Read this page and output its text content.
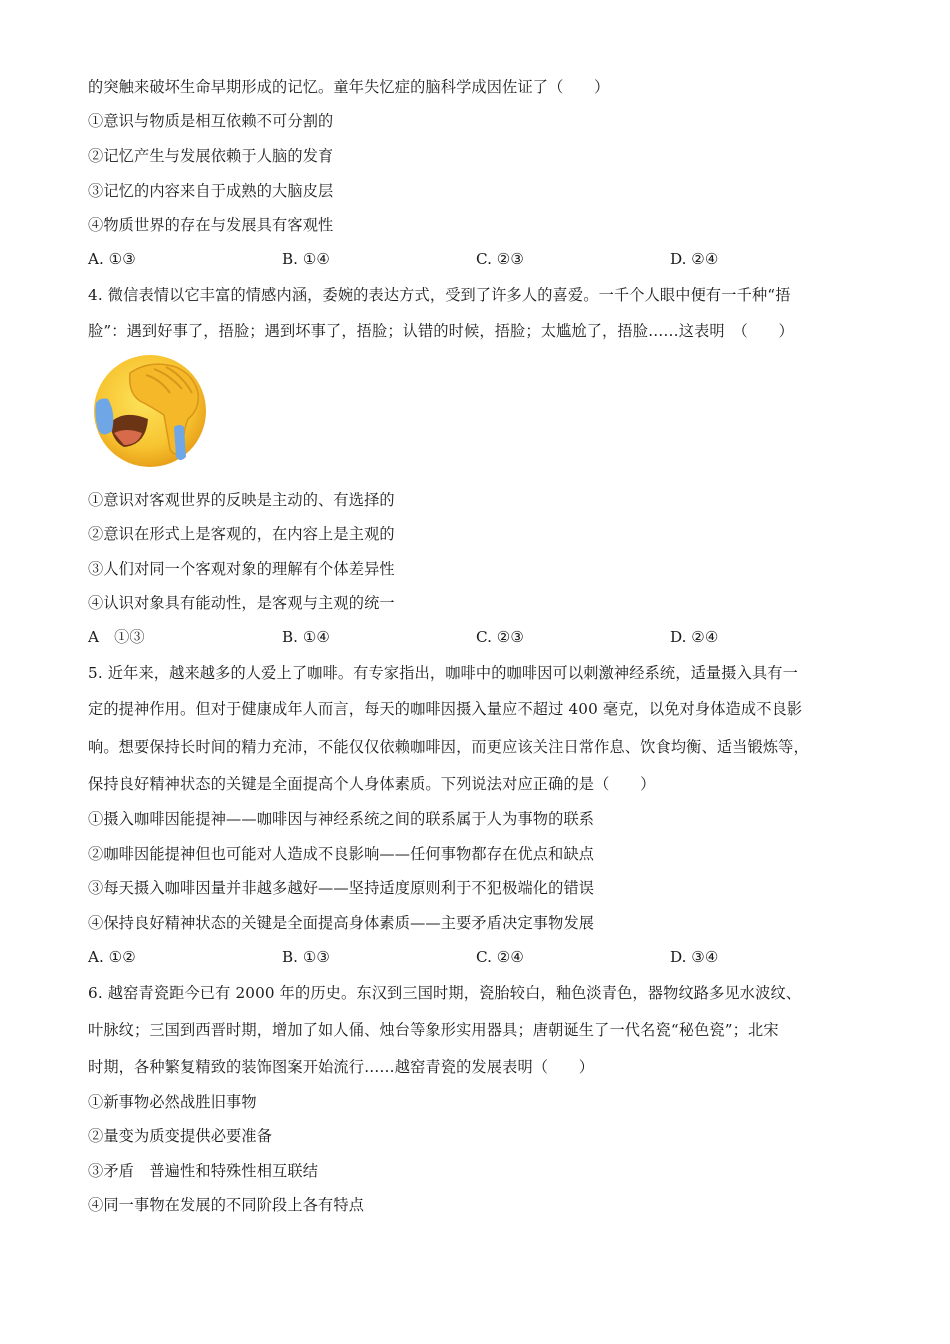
的突触来破坏生命早期形成的记忆。童年失忆症的脑科学成因佐证了（　　）
①意识与物质是相互依赖不可分割的
②记忆产生与发展依赖于人脑的发育
③记忆的内容来自于成熟的大脑皮层
④物质世界的存在与发展具有客观性
A. ①③	B. ①④	C. ②③	D. ②④
4. 微信表情以它丰富的情感内涵，委婉的表达方式，受到了许多人的喜爱。一千个人眼中便有一千种“捂
脸”：遇到好事了，捂脸；遇到坏事了，捂脸；认错的时候，捂脸；太尴尬了，捂脸……这表明　（　　）
①意识对客观世界的反映是主动的、有选择的
②意识在形式上是客观的，在内容上是主观的
③人们对同一个客观对象的理解有个体差异性
④认识对象具有能动性，是客观与主观的统一
A　①③	B. ①④	C. ②③	D. ②④
5. 近年来，越来越多的人爱上了咖啡。有专家指出，咖啡中的咖啡因可以刺激神经系统，适量摄入具有一
定的提神作用。但对于健康成年人而言，每天的咖啡因摄入量应不超过 400 毫克，以免对身体造成不良影
响。想要保持长时间的精力充沛，不能仅仅依赖咖啡因，而更应该关注日常作息、饮食均衡、适当锻炼等，
保持良好精神状态的关键是全面提高个人身体素质。下列说法对应正确的是（　　）
①摄入咖啡因能提神——咖啡因与神经系统之间的联系属于人为事物的联系
②咖啡因能提神但也可能对人造成不良影响——任何事物都存在优点和缺点
③每天摄入咖啡因量并非越多越好——坚持适度原则利于不犯极端化的错误
④保持良好精神状态的关键是全面提高身体素质——主要矛盾决定事物发展
A. ①②	B. ①③	C. ②④	D. ③④
6. 越窑青瓷距今已有 2000 年的历史。东汉到三国时期，瓷胎较白，釉色淡青色，器物纹路多见水波纹、
叶脉纹；三国到西晋时期，增加了如人俑、烛台等象形实用器具；唐朝诞生了一代名瓷“秘色瓷”；北宋
时期，各种繁复精致的装饰图案开始流行……越窑青瓷的发展表明（　　）
①新事物必然战胜旧事物
②量变为质变提供必要准备
③矛盾　普遍性和特殊性相互联结
④同一事物在发展的不同阶段上各有特点
